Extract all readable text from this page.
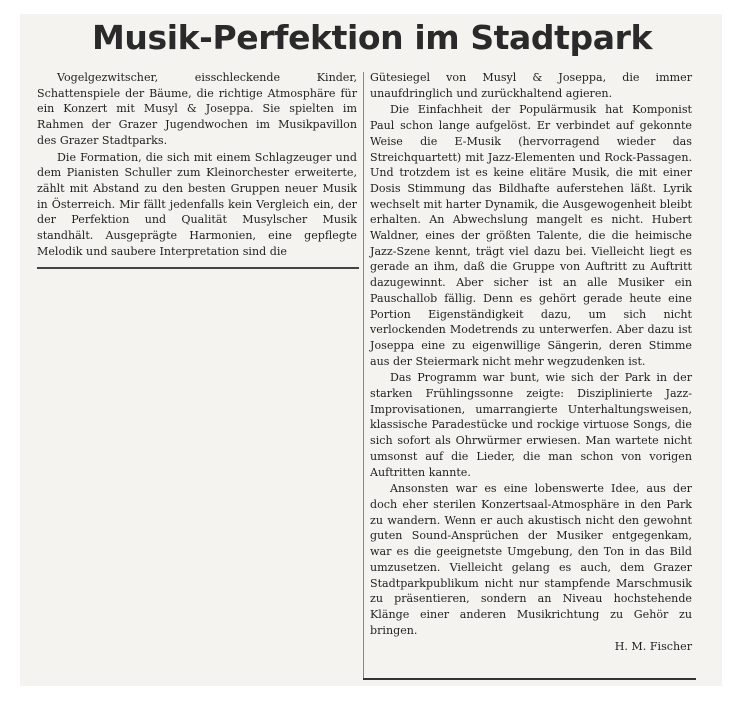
Musik-Perfektion im Stadtpark

Vogelgezwitscher, eisschleckende Kinder, Schattenspiele der Bäume, die richtige Atmosphäre für ein Konzert mit Musyl & Joseppa. Sie spielten im Rahmen der Grazer Jugendwochen im Musikpavillon des Grazer Stadtparks.

Die Formation, die sich mit einem Schlagzeuger und dem Pianisten Schuller zum Kleinorchester erweiterte, zählt mit Abstand zu den besten Gruppen neuer Musik in Österreich. Mir fällt jedenfalls kein Vergleich ein, der der Perfektion und Qualität Musylscher Musik standhält. Ausgeprägte Harmonien, eine gepflegte Melodik und saubere Interpretation sind die

Gütesiegel von Musyl & Joseppa, die immer unaufdringlich und zurückhaltend agieren.

Die Einfachheit der Populärmusik hat Komponist Paul schon lange aufgelöst. Er verbindet auf gekonnte Weise die E-Musik (hervorragend wieder das Streichquartett) mit Jazz-Elementen und Rock-Passagen. Und trotzdem ist es keine elitäre Musik, die mit einer Dosis Stimmung das Bildhafte auferstehen läßt. Lyrik wechselt mit harter Dynamik, die Ausgewogenheit bleibt erhalten. An Abwechslung mangelt es nicht. Hubert Waldner, eines der größten Talente, die die heimische Jazz-Szene kennt, trägt viel dazu bei. Vielleicht liegt es gerade an ihm, daß die Gruppe von Auftritt zu Auftritt dazugewinnt. Aber sicher ist an alle Musiker ein Pauschallob fällig. Denn es gehört gerade heute eine Portion Eigenständigkeit dazu, um sich nicht verlockenden Modetrends zu unterwerfen. Aber dazu ist Joseppa eine zu eigenwillige Sängerin, deren Stimme aus der Steiermark nicht mehr wegzudenken ist.

Das Programm war bunt, wie sich der Park in der starken Frühlingssonne zeigte: Disziplinierte Jazz-Improvisationen, umarrangierte Unterhaltungsweisen, klassische Paradestücke und rockige virtuose Songs, die sich sofort als Ohrwürmer erwiesen. Man wartete nicht umsonst auf die Lieder, die man schon von vorigen Auftritten kannte.

Ansonsten war es eine lobenswerte Idee, aus der doch eher sterilen Konzertsaal-Atmosphäre in den Park zu wandern. Wenn er auch akustisch nicht den gewohnt guten Sound-Ansprüchen der Musiker entgegenkam, war es die geeignetste Umgebung, den Ton in das Bild umzusetzen. Vielleicht gelang es auch, dem Grazer Stadtparkpublikum nicht nur stampfende Marschmusik zu präsentieren, sondern an Niveau hochstehende Klänge einer anderen Musikrichtung zu Gehör zu bringen.

H. M. Fischer
